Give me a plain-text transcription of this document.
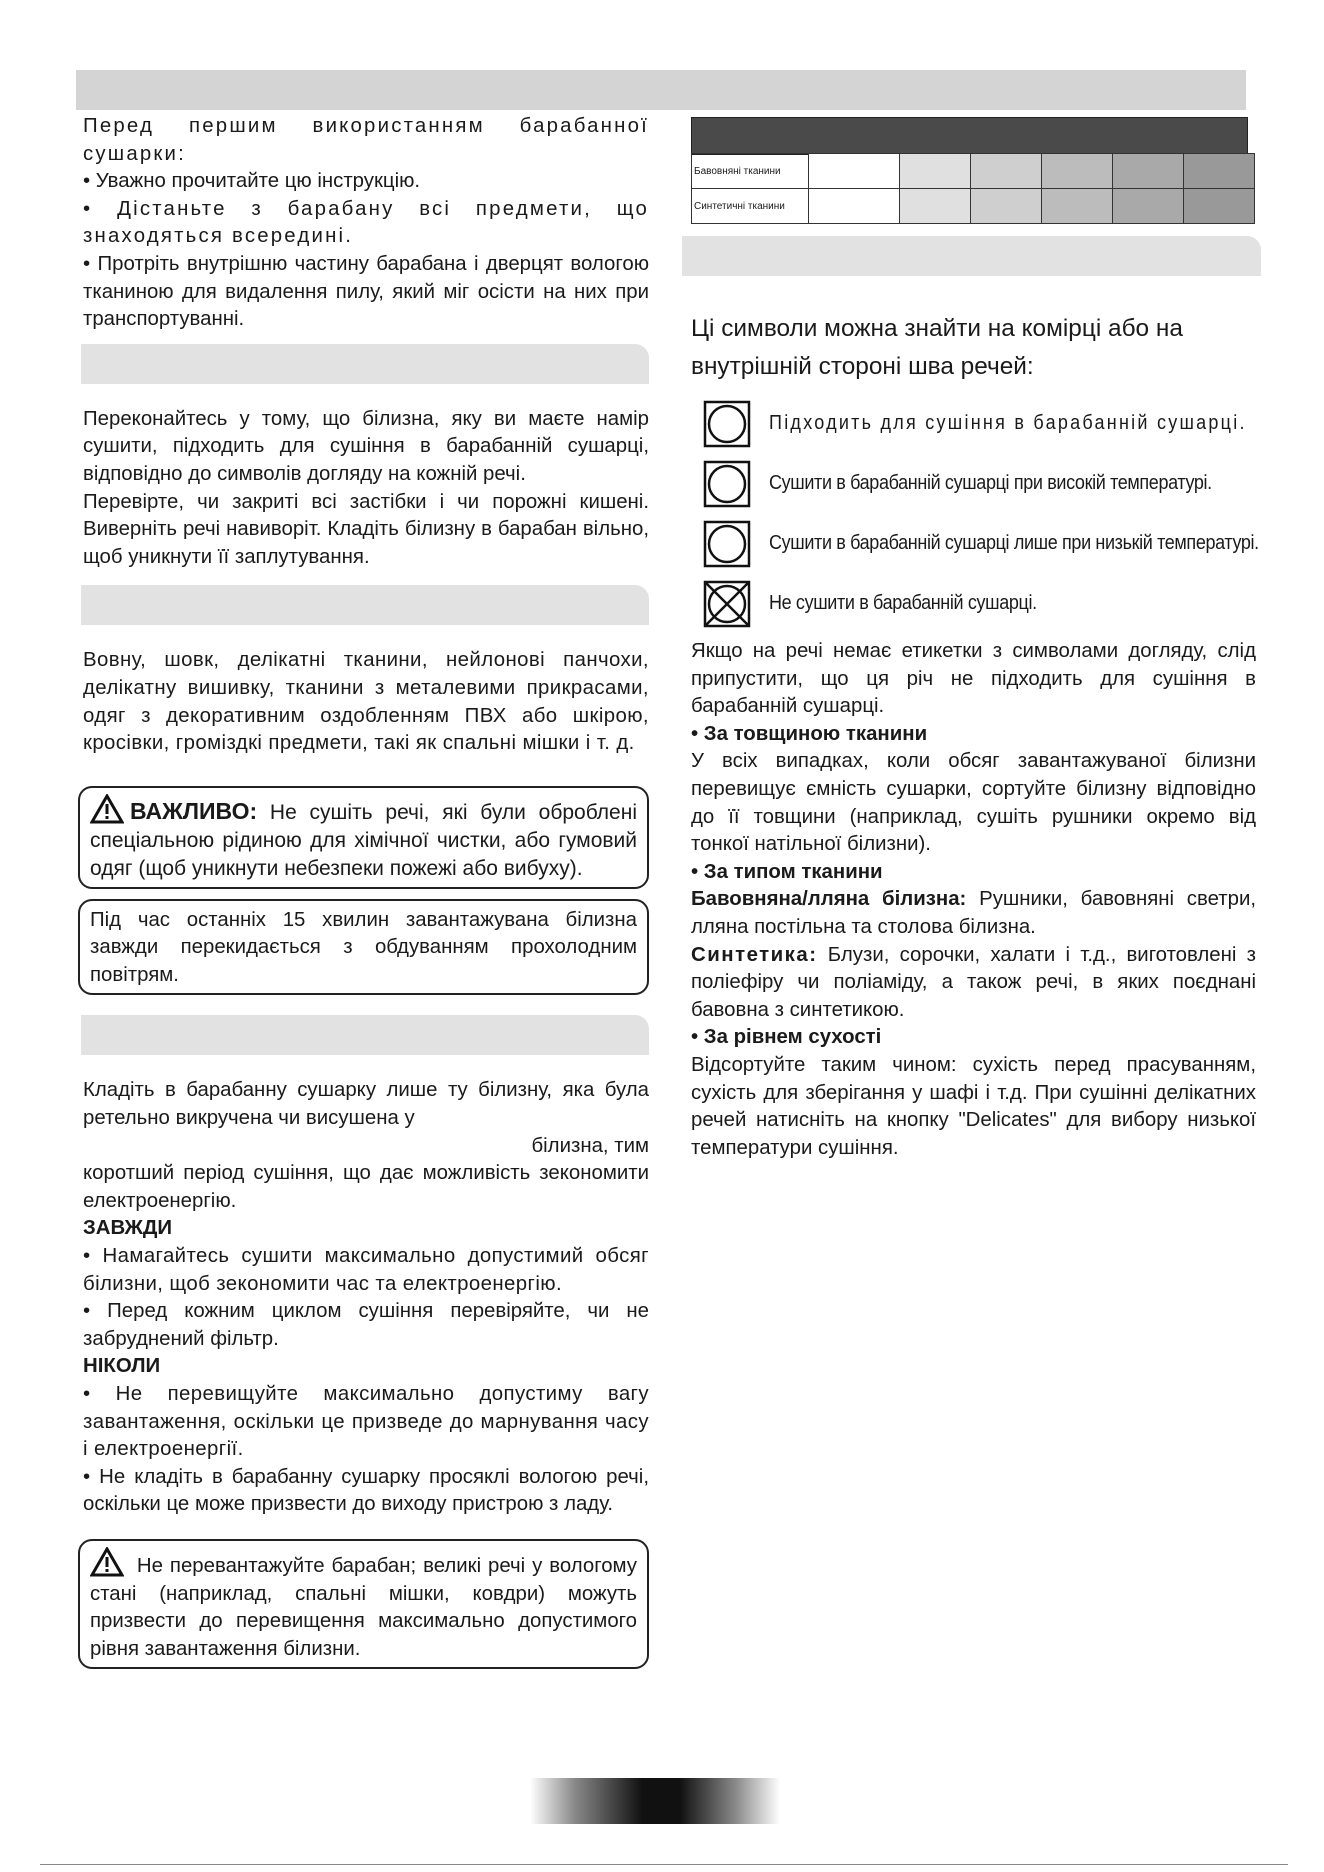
Перед першим використанням барабанної сушарки:

• Уважно прочитайте цю інструкцію.

• Дістаньте з барабану всі предмети, що знаходяться всередині.

• Протріть внутрішню частину барабана і дверцят вологою тканиною для видалення пилу, який міг осісти на них при транспортуванні.

Переконайтесь у тому, що білизна, яку ви маєте намір сушити, підходить для сушіння в барабанній сушарці, відповідно до символів догляду на кожній речі.

Перевірте, чи закриті всі застібки і чи порожні кишені. Виверніть речі навиворіт. Кладіть білизну в барабан вільно, щоб уникнути її заплутування.

Вовну, шовк, делікатні тканини, нейлонові панчохи, делікатну вишивку, тканини з металевими прикрасами, одяг з декоративним оздобленням ПВХ або шкірою, кросівки, громіздкі предмети, такі як спальні мішки і т. д.

ВАЖЛИВО: Не сушіть речі, які були оброблені спеціальною рідиною для хімічної чистки, або гумовий одяг (щоб уникнути небезпеки пожежі або вибуху).

Під час останніх 15 хвилин завантажувана білизна завжди перекидається з обдуванням прохолодним повітрям.

Кладіть в барабанну сушарку лише ту білизну, яка була ретельно викручена чи висушена у

білизна, тим

коротший період сушіння, що дає можливість зекономити електроенергію.

ЗАВЖДИ

• Намагайтесь сушити максимально допустимий обсяг білизни, щоб зекономити час та електроенергію.

• Перед кожним циклом сушіння перевіряйте, чи не забруднений фільтр.

НІКОЛИ

• Не перевищуйте максимально допустиму вагу завантаження, оскільки це призведе до марнування часу і електроенергії.

• Не кладіть в барабанну сушарку просяклі вологою речі, оскільки це може призвести до виходу пристрою з ладу.

Не перевантажуйте барабан; великі речі у вологому стані (наприклад, спальні мішки, ковдри) можуть призвести до перевищення максимально допустимого рівня завантаження білизни.

Бавовняні тканини						
Синтетичні тканини						

Ці символи можна знайти на комірці або на внутрішній стороні шва речей:

Підходить для сушіння в барабанній сушарці.
Сушити в барабанній сушарці при високій температурі.
Сушити в барабанній сушарці лише при низькій температурі.
Не сушити в барабанній сушарці.

Якщо на речі немає етикетки з символами догляду, слід припустити, що ця річ не підходить для сушіння в барабанній сушарці.

• За товщиною тканини

У всіх випадках, коли обсяг завантажуваної білизни перевищує ємність сушарки, сортуйте білизну відповідно до її товщини (наприклад, сушіть рушники окремо від тонкої натільної білизни).

• За типом тканини

Бавовняна/лляна білизна: Рушники, бавовняні светри, лляна постільна та столова білизна.

Синтетика: Блузи, сорочки, халати і т.д., виготовлені з поліефіру чи поліаміду, а також речі, в яких поєднані бавовна з синтетикою.

• За рівнем сухості

Відсортуйте таким чином: сухість перед прасуванням, сухість для зберігання у шафі і т.д. При сушінні делікатних речей натисніть на кнопку "Delicates" для вибору низької температури сушіння.
